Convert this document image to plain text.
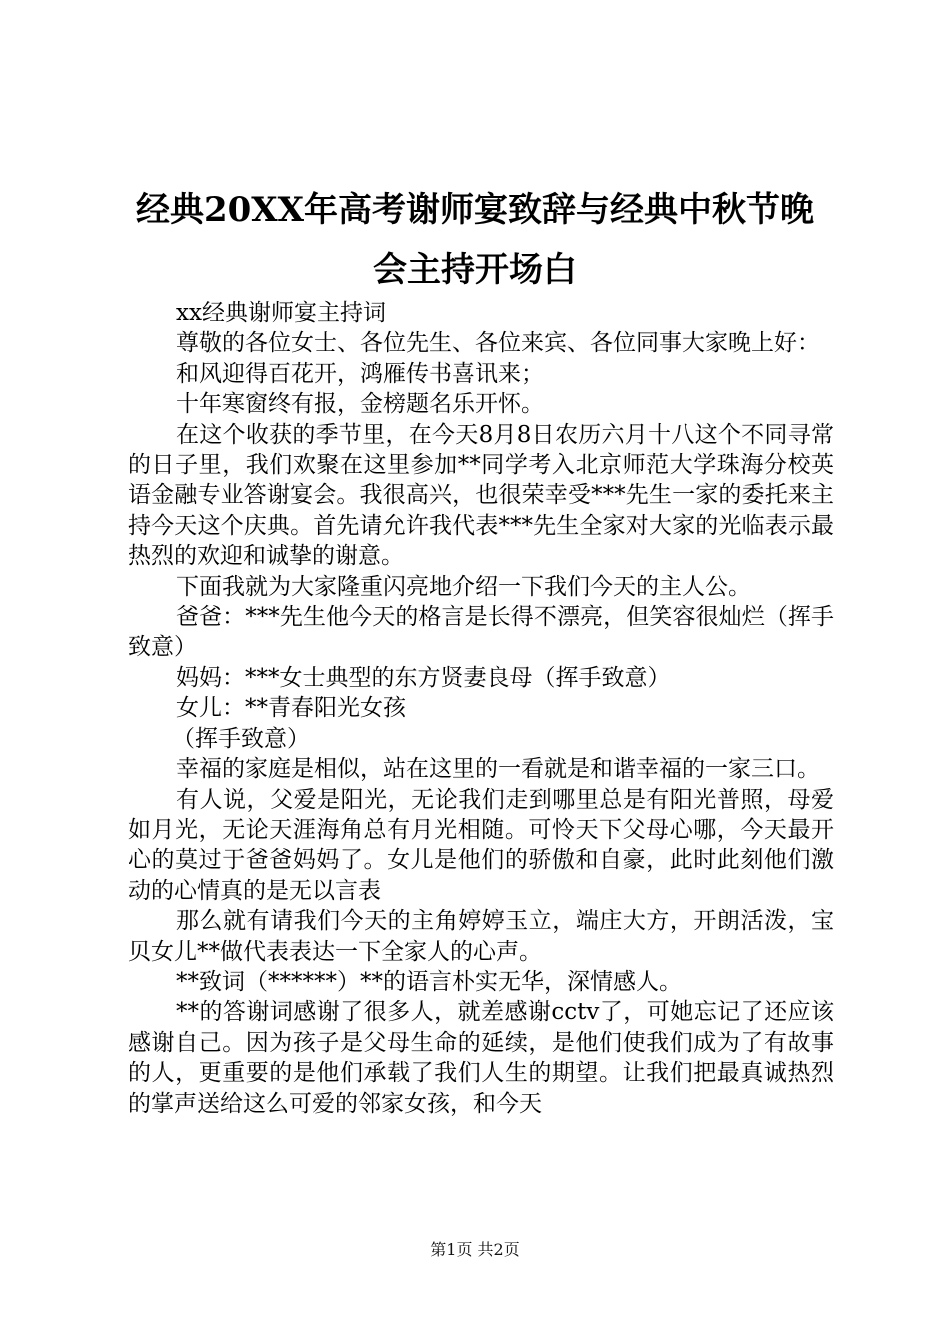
经典20XX年高考谢师宴致辞与经典中秋节晚
会主持开场白

xx经典谢师宴主持词

尊敬的各位女士、各位先生、各位来宾、各位同事大家晚上好：

和风迎得百花开，鸿雁传书喜讯来；

十年寒窗终有报，金榜题名乐开怀。

在这个收获的季节里，在今天8月8日农历六月十八这个不同寻常的日子里，我们欢聚在这里参加**同学考入北京师范大学珠海分校英语金融专业答谢宴会。我很高兴，也很荣幸受***先生一家的委托来主持今天这个庆典。首先请允许我代表***先生全家对大家的光临表示最热烈的欢迎和诚挚的谢意。

下面我就为大家隆重闪亮地介绍一下我们今天的主人公。

爸爸：***先生他今天的格言是长得不漂亮，但笑容很灿烂（挥手致意）

妈妈：***女士典型的东方贤妻良母（挥手致意）

女儿：**青春阳光女孩

（挥手致意）

幸福的家庭是相似，站在这里的一看就是和谐幸福的一家三口。

有人说，父爱是阳光，无论我们走到哪里总是有阳光普照，母爱如月光，无论天涯海角总有月光相随。可怜天下父母心哪，今天最开心的莫过于爸爸妈妈了。女儿是他们的骄傲和自豪，此时此刻他们激动的心情真的是无以言表

那么就有请我们今天的主角婷婷玉立，端庄大方，开朗活泼，宝贝女儿**做代表表达一下全家人的心声。

**致词（******）**的语言朴实无华，深情感人。

**的答谢词感谢了很多人，就差感谢cctv了，可她忘记了还应该感谢自己。因为孩子是父母生命的延续，是他们使我们成为了有故事的人，更重要的是他们承载了我们人生的期望。让我们把最真诚热烈的掌声送给这么可爱的邻家女孩，和今天

第1页 共2页
